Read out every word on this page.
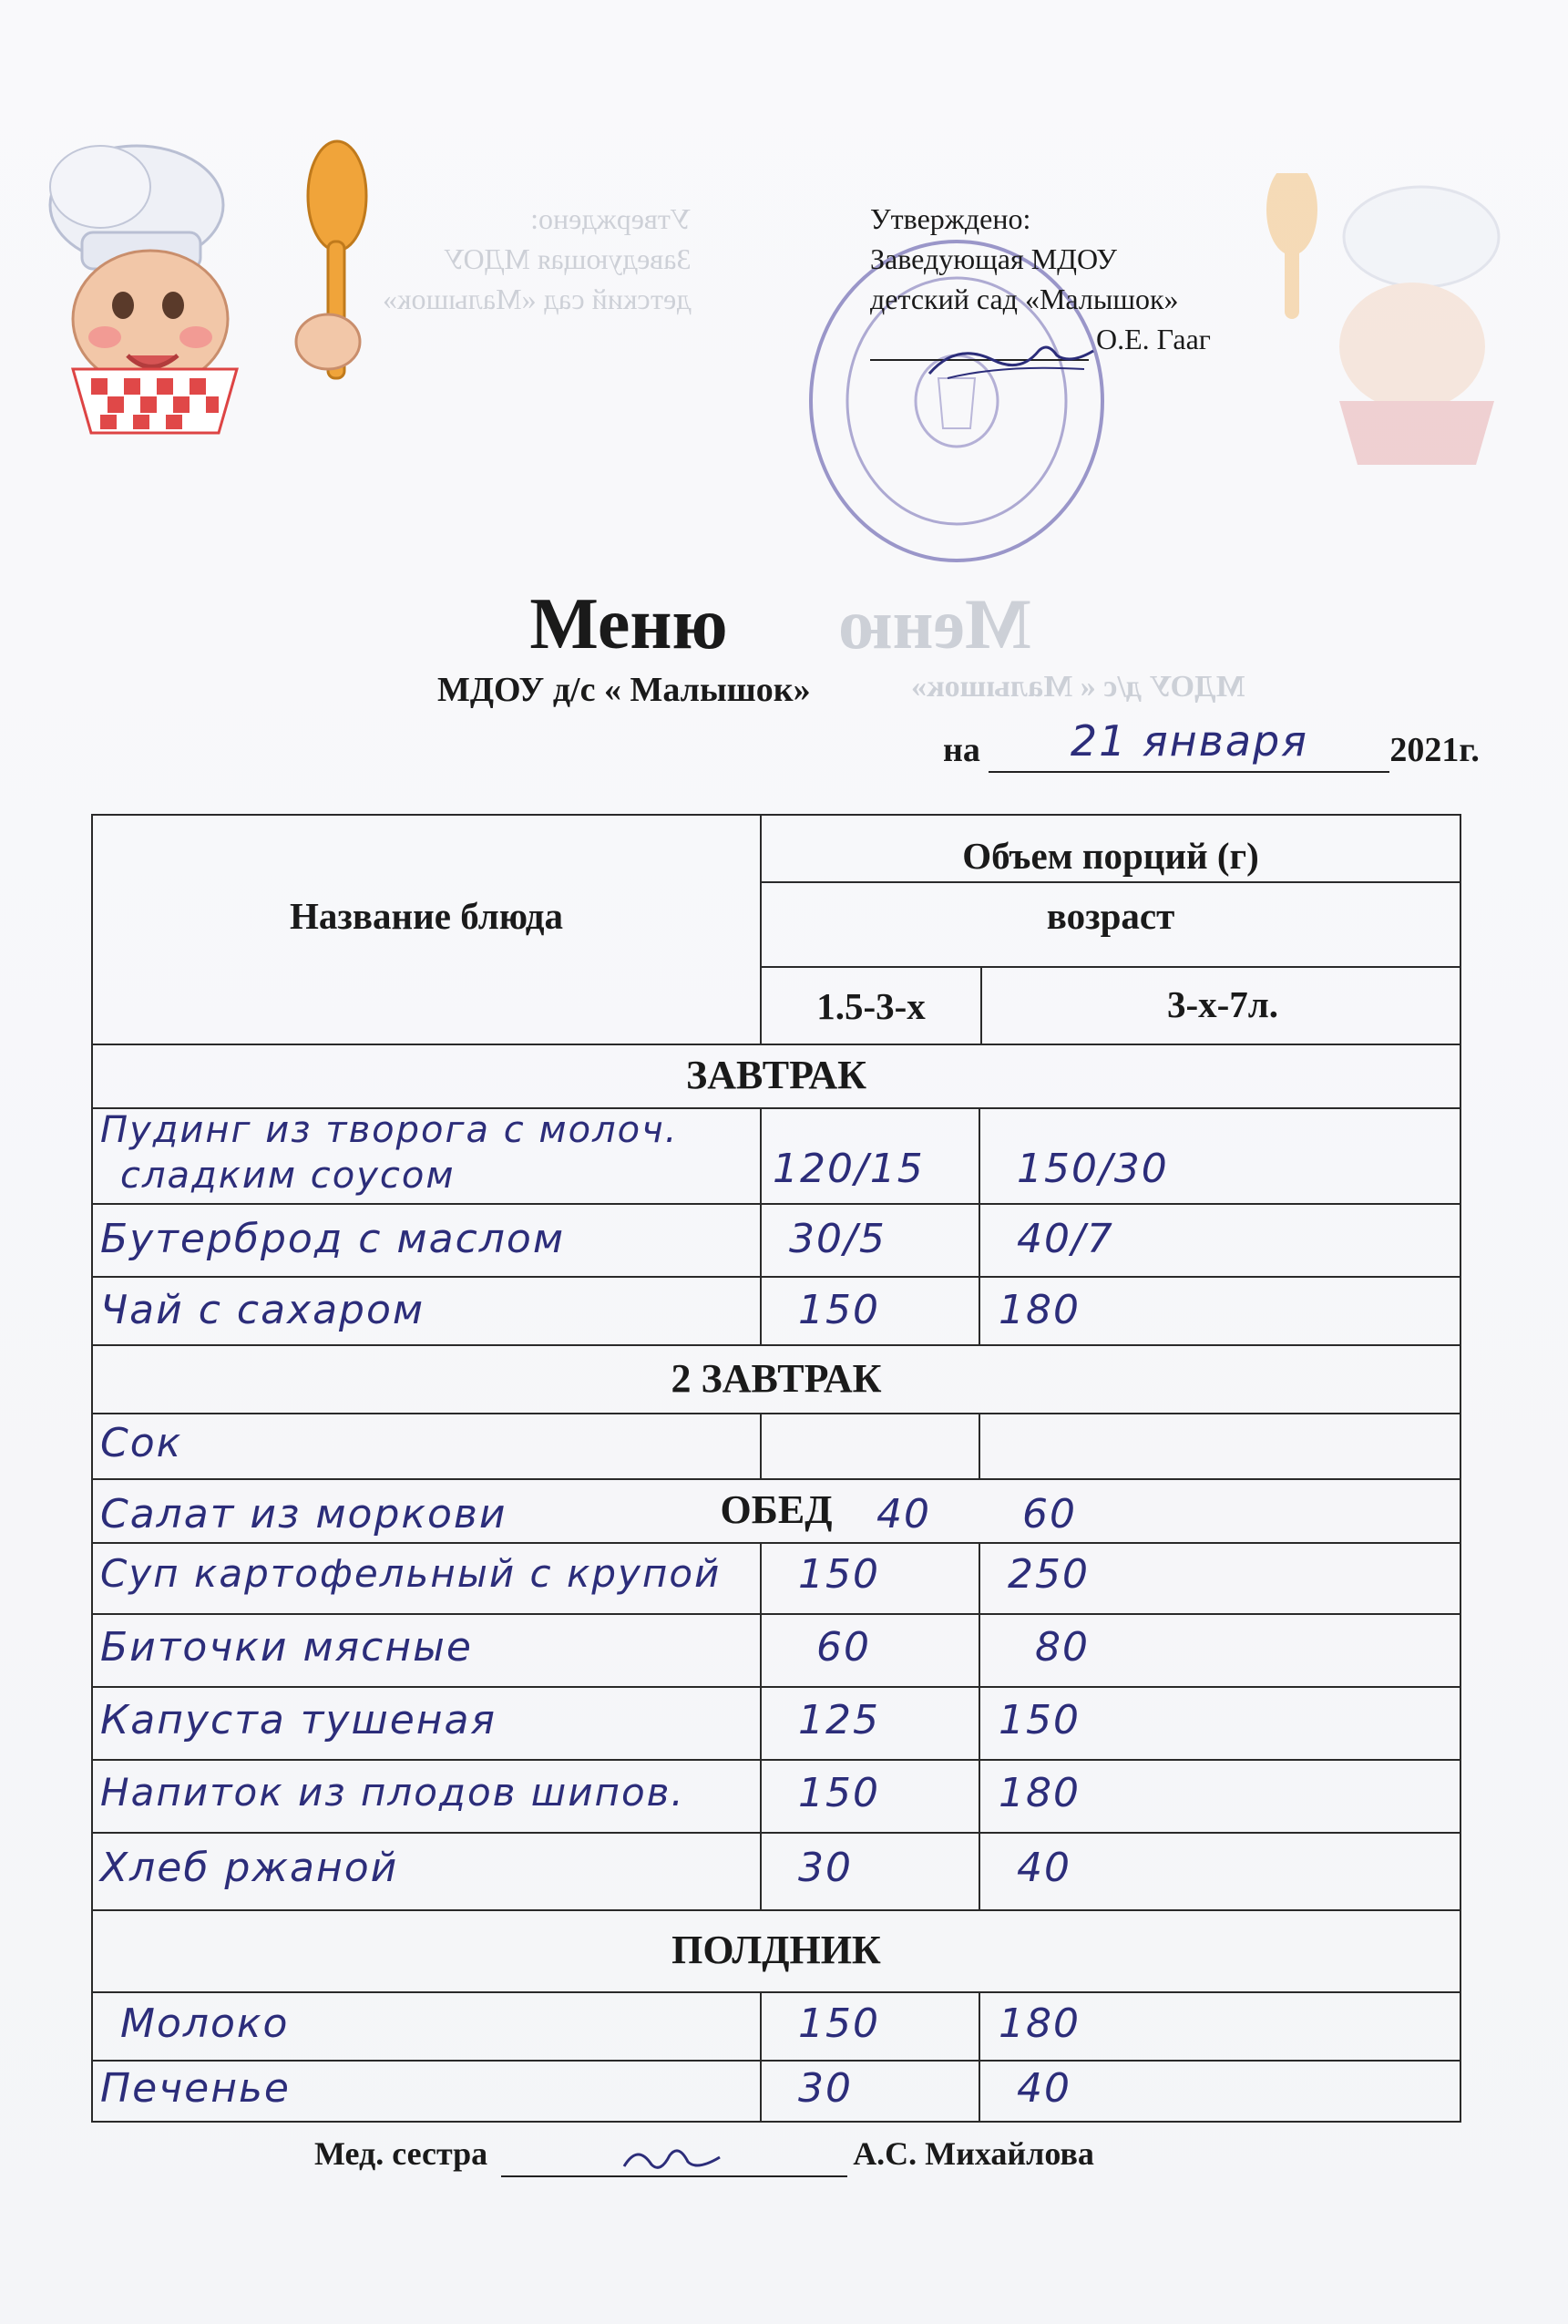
Утверждено:
Заведующая МДОУ
детский сад «Малышок»
Утверждено:
Заведующая МДОУ
детский сад «Малышок»
О.Е. Гааг
Меню
МДОУ д/с « Малышок»
Меню
МДОУ д/с « Малышок»
на 21 января 2021г.
Название блюда
Объем порций (г)
возраст
1.5-3-х	3-х-7л.
ЗАВТРАК
Пудинг из творога с молоч.
сладким соусом	120/15 150/30
Бутерброд с маслом	30/5	40/7
Чай с сахаром	150	180
2 ЗАВТРАК
Сок
ОБЕД
Салат из моркови	40 60
Суп картофельный с крупой 150	250
Биточки мясные	60	80
Капуста тушеная	125	150
Напиток из плодов шипов.	150	180
Хлеб ржаной	30	40
ПОЛДНИК
Молоко	150	180
Печенье	30	40
Мед. сестра	А.С. Михайлова
